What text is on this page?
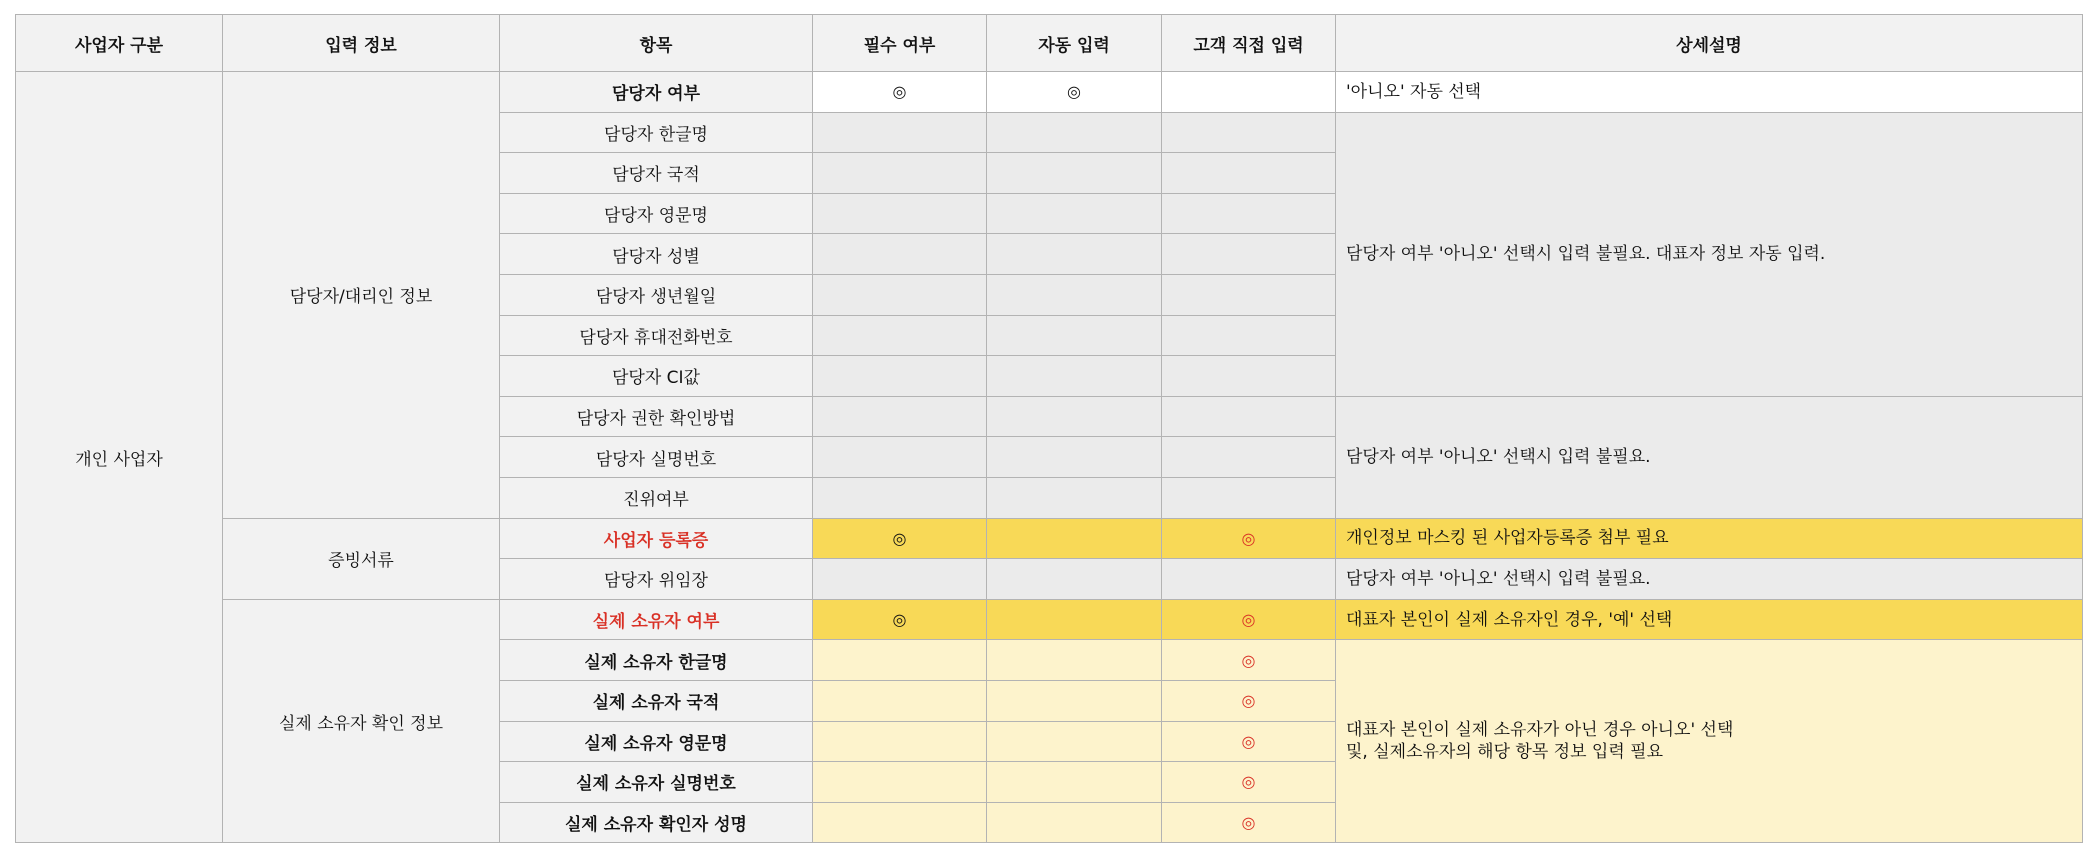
사업자 구분	입력 정보	항목	필수 여부	자동 입력	고객 직접 입력	상세설명
개인 사업자	담당자/대리인 정보	담당자 여부	◎	◎		'아니오' 자동 선택
		담당자 한글명				담당자 여부 '아니오' 선택시 입력 불필요. 대표자 정보 자동 입력.
		담당자 국적				
		담당자 영문명				
		담당자 성별				
		담당자 생년월일				
		담당자 휴대전화번호				
		담당자 CI값				
		담당자 권한 확인방법				담당자 여부 '아니오' 선택시 입력 불필요.
		담당자 실명번호				
		진위여부				
	증빙서류	사업자 등록증	◎		◎	개인정보 마스킹 된 사업자등록증 첨부 필요
		담당자 위임장				담당자 여부 '아니오' 선택시 입력 불필요.
	실제 소유자 확인 정보	실제 소유자 여부	◎		◎	대표자 본인이 실제 소유자인 경우, '예' 선택
		실제 소유자 한글명			◎	대표자 본인이 실제 소유자가 아닌 경우 아니오' 선택
및, 실제소유자의 해당 항목 정보 입력 필요

		실제 소유자 국적			◎	
		실제 소유자 영문명			◎	
		실제 소유자 실명번호			◎	
		실제 소유자 확인자 성명			◎	
